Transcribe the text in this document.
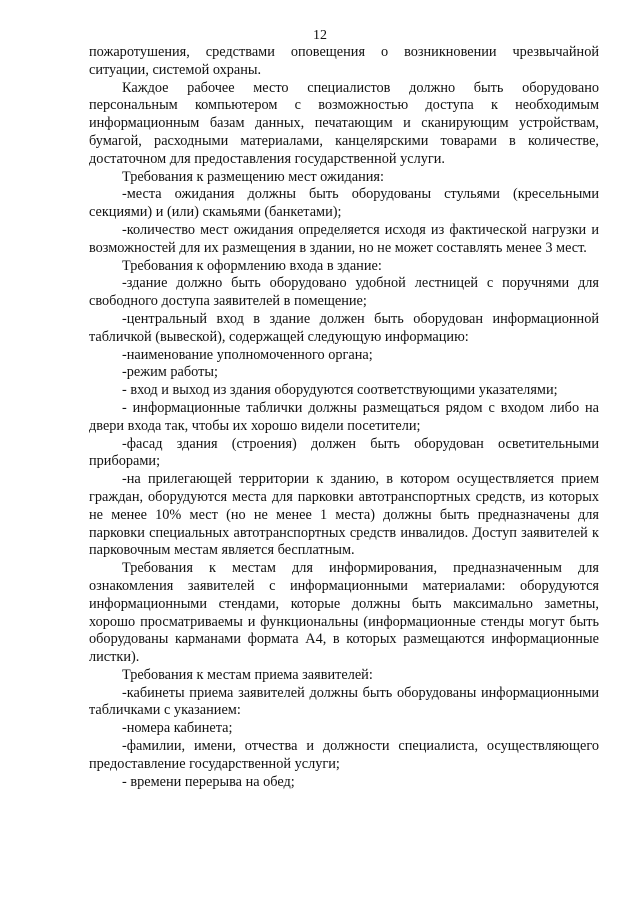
12

пожаротушения, средствами оповещения о возникновении чрезвычайной ситуации, системой охраны.

Каждое рабочее место специалистов должно быть оборудовано персональным компьютером с возможностью доступа к необходимым информационным базам данных, печатающим и сканирующим устройствам, бумагой, расходными материалами, канцелярскими товарами в количестве, достаточном для предоставления государственной услуги.

Требования к размещению мест ожидания:

-места ожидания должны быть оборудованы стульями (кресельными секциями) и (или) скамьями (банкетами);

-количество мест ожидания определяется исходя из фактической нагрузки и возможностей для их размещения в здании, но не может составлять менее 3 мест.

Требования к оформлению входа в здание:

-здание должно быть оборудовано удобной лестницей с поручнями для свободного доступа заявителей в помещение;

-центральный вход в здание должен быть оборудован информационной табличкой (вывеской), содержащей следующую информацию:

-наименование уполномоченного органа;

-режим работы;

- вход и выход из здания оборудуются соответствующими указателями;

- информационные таблички должны размещаться рядом с входом либо на двери входа так, чтобы их хорошо видели посетители;

-фасад здания (строения) должен быть оборудован осветительными приборами;

-на прилегающей территории к зданию, в котором осуществляется прием граждан, оборудуются места для парковки автотранспортных средств, из которых не менее 10% мест (но не менее 1 места) должны быть предназначены для парковки специальных автотранспортных средств инвалидов. Доступ заявителей к парковочным местам является бесплатным.

Требования к местам для информирования, предназначенным для ознакомления заявителей с информационными материалами: оборудуются информационными стендами, которые должны быть максимально заметны, хорошо просматриваемы и функциональны (информационные стенды могут быть оборудованы карманами формата А4, в которых размещаются информационные листки).

Требования к местам приема заявителей:

-кабинеты приема заявителей должны быть оборудованы информационными табличками с указанием:

-номера кабинета;

-фамилии, имени, отчества и должности специалиста, осуществляющего предоставление государственной услуги;

- времени перерыва на обед;
